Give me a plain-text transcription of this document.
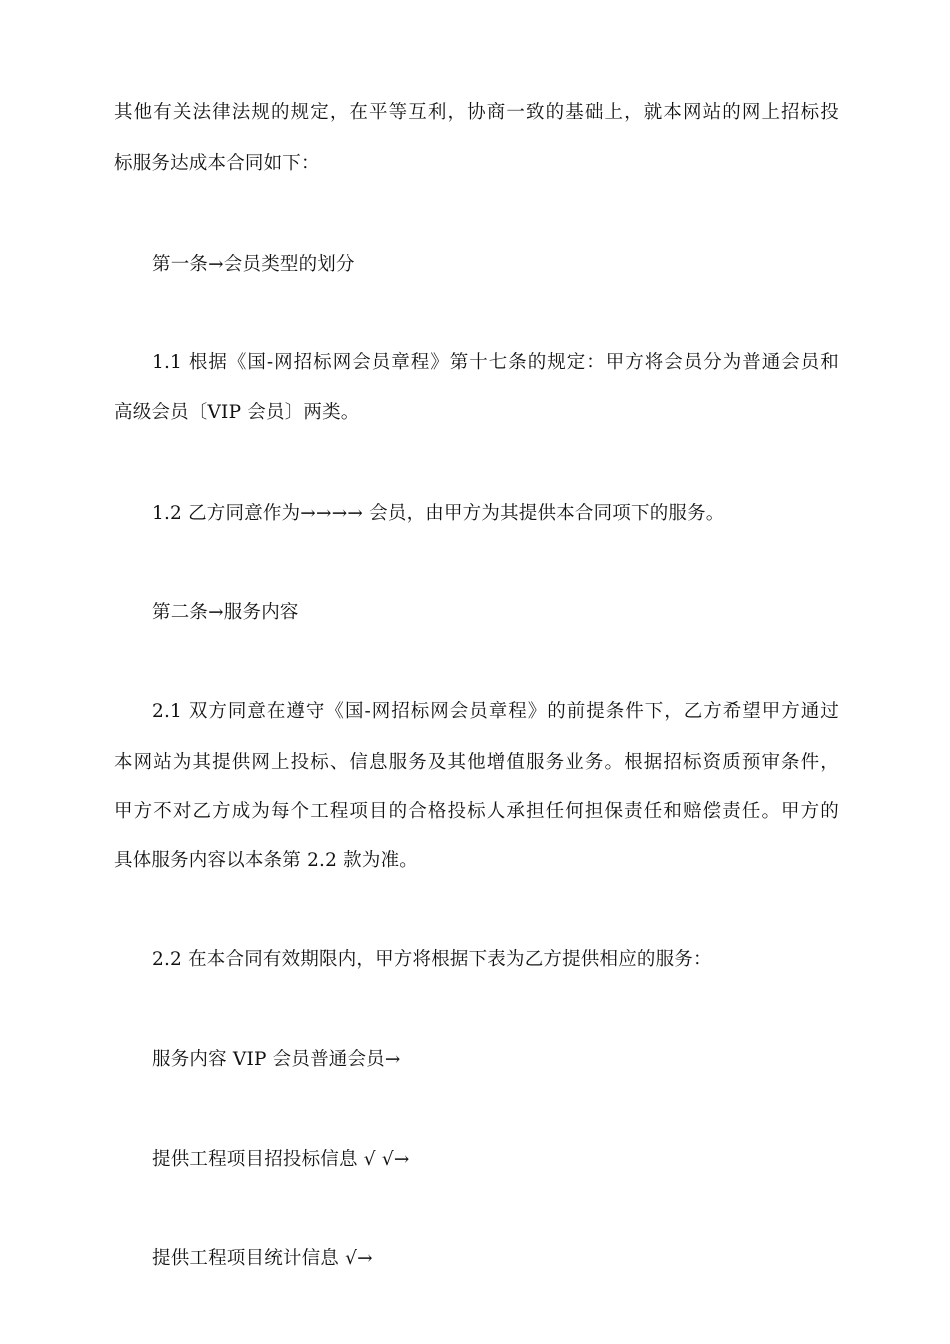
其他有关法律法规的规定，在平等互利，协商一致的基础上，就本网站的网上招标投
标服务达成本合同如下：
第一条→会员类型的划分
1.1 根据《国-网招标网会员章程》第十七条的规定：甲方将会员分为普通会员和
高级会员〔VIP 会员〕两类。
1.2 乙方同意作为→→→→ 会员，由甲方为其提供本合同项下的服务。
第二条→服务内容
2.1 双方同意在遵守《国-网招标网会员章程》的前提条件下，乙方希望甲方通过
本网站为其提供网上投标、信息服务及其他增值服务业务。根据招标资质预审条件，
甲方不对乙方成为每个工程项目的合格投标人承担任何担保责任和赔偿责任。甲方的
具体服务内容以本条第 2.2 款为准。
2.2 在本合同有效期限内，甲方将根据下表为乙方提供相应的服务：
服务内容 VIP 会员普通会员→
提供工程项目招投标信息 √ √→
提供工程项目统计信息 √→
